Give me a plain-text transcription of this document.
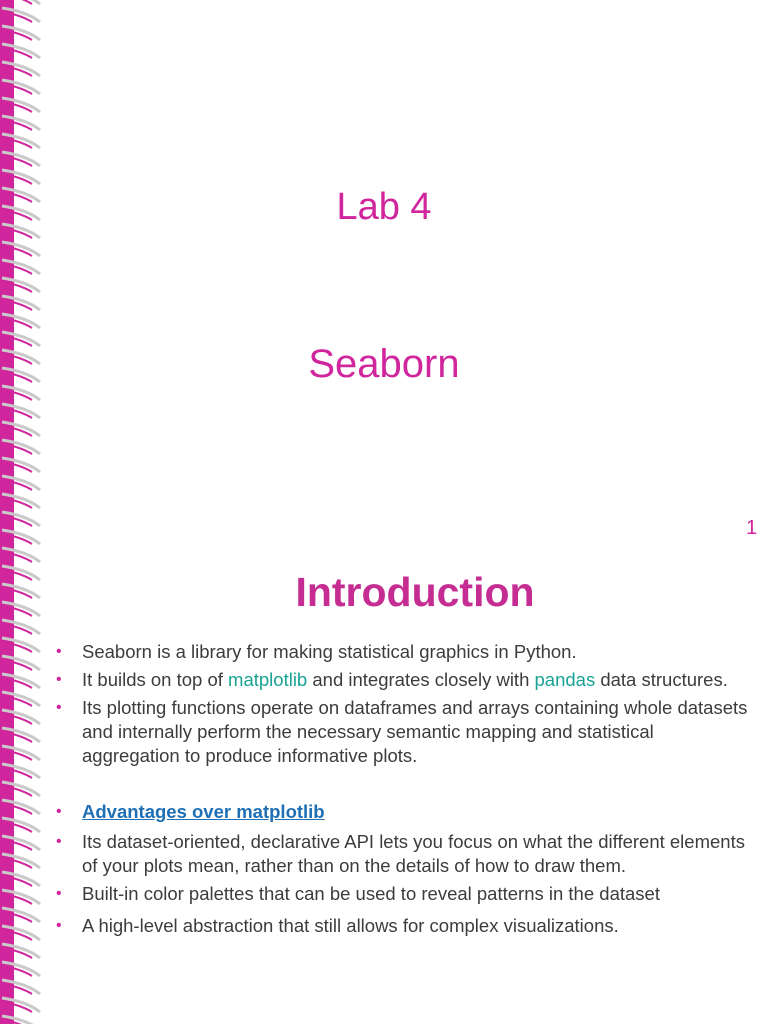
Lab 4
Seaborn
1
Introduction
• Seaborn is a library for making statistical graphics in Python.
• It builds on top of matplotlib and integrates closely with pandas data structures.
• Its plotting functions operate on dataframes and arrays containing whole datasets and internally perform the necessary semantic mapping and statistical aggregation to produce informative plots.
• Advantages over matplotlib
• Its dataset-oriented, declarative API lets you focus on what the different elements of your plots mean, rather than on the details of how to draw them.
• Built-in color palettes that can be used to reveal patterns in the dataset
• A high-level abstraction that still allows for complex visualizations.
